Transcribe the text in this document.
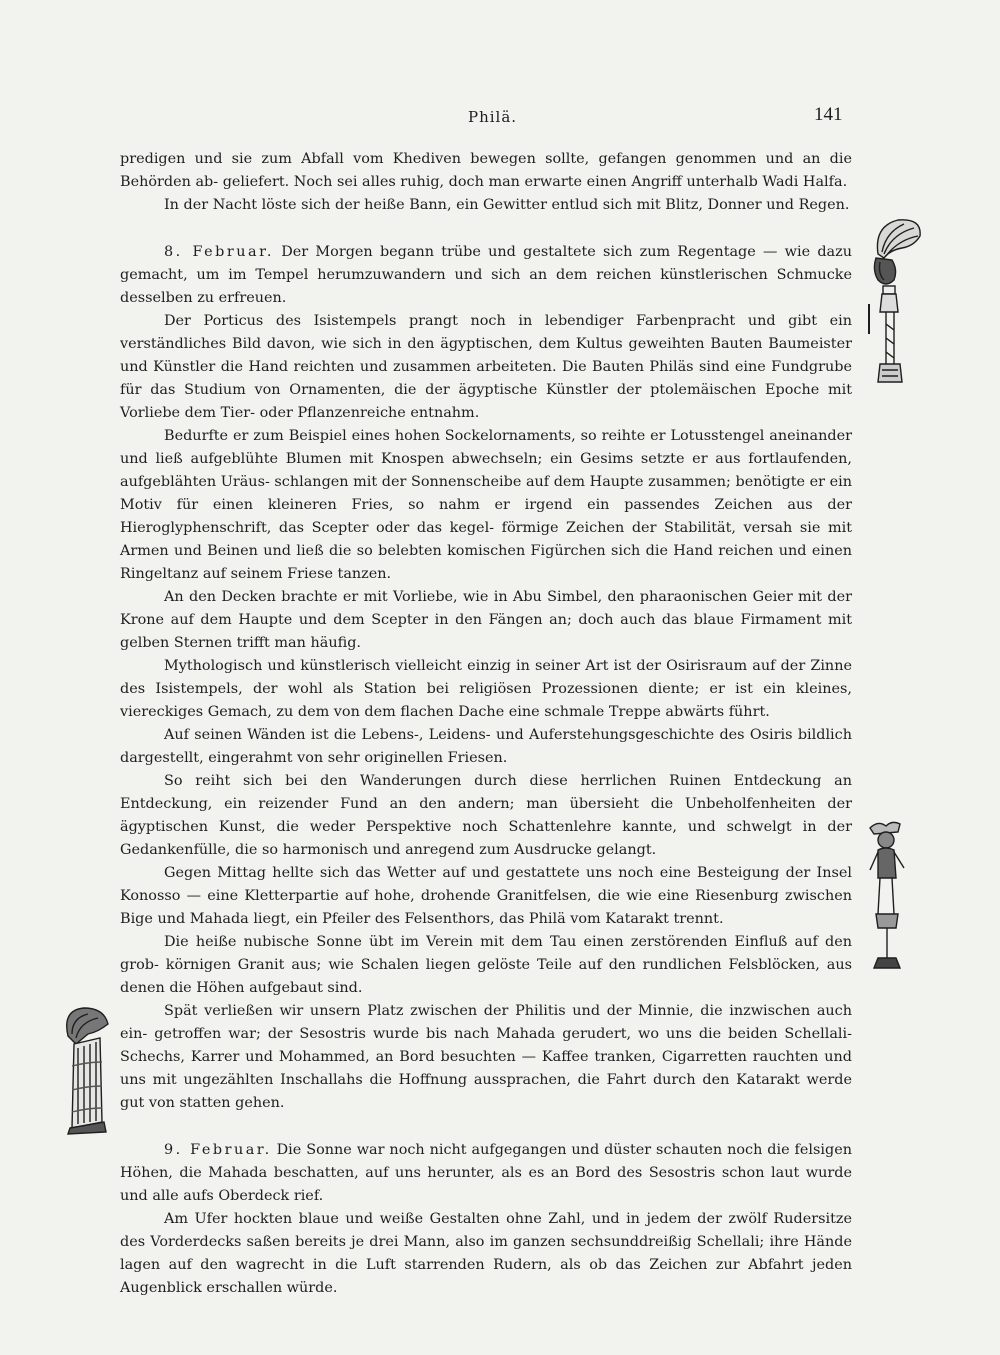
Philä.	141

predigen und sie zum Abfall vom Khediven bewegen sollte, gefangen genommen und an die Behörden ab- geliefert. Noch sei alles ruhig, doch man erwarte einen Angriff unterhalb Wadi Halfa.

In der Nacht löste sich der heiße Bann, ein Gewitter entlud sich mit Blitz, Donner und Regen.

8. Februar. Der Morgen begann trübe und gestaltete sich zum Regentage — wie dazu gemacht, um im Tempel herumzuwandern und sich an dem reichen künstlerischen Schmucke desselben zu erfreuen.

Der Porticus des Isistempels prangt noch in lebendiger Farbenpracht und gibt ein verständliches Bild davon, wie sich in den ägyptischen, dem Kultus geweihten Bauten Baumeister und Künstler die Hand reichten und zusammen arbeiteten. Die Bauten Philäs sind eine Fundgrube für das Studium von Ornamenten, die der ägyptische Künstler der ptolemäischen Epoche mit Vorliebe dem Tier- oder Pflanzenreiche entnahm.

Bedurfte er zum Beispiel eines hohen Sockelornaments, so reihte er Lotusstengel aneinander und ließ aufgeblühte Blumen mit Knospen abwechseln; ein Gesims setzte er aus fortlaufenden, aufgeblähten Uräus- schlangen mit der Sonnenscheibe auf dem Haupte zusammen; benötigte er ein Motiv für einen kleineren Fries, so nahm er irgend ein passendes Zeichen aus der Hieroglyphenschrift, das Scepter oder das kegel- förmige Zeichen der Stabilität, versah sie mit Armen und Beinen und ließ die so belebten komischen Figürchen sich die Hand reichen und einen Ringeltanz auf seinem Friese tanzen.

An den Decken brachte er mit Vorliebe, wie in Abu Simbel, den pharaonischen Geier mit der Krone auf dem Haupte und dem Scepter in den Fängen an; doch auch das blaue Firmament mit gelben Sternen trifft man häufig.

Mythologisch und künstlerisch vielleicht einzig in seiner Art ist der Osirisraum auf der Zinne des Isistempels, der wohl als Station bei religiösen Prozessionen diente; er ist ein kleines, viereckiges Gemach, zu dem von dem flachen Dache eine schmale Treppe abwärts führt.

Auf seinen Wänden ist die Lebens-, Leidens- und Auferstehungsgeschichte des Osiris bildlich dargestellt, eingerahmt von sehr originellen Friesen.

So reiht sich bei den Wanderungen durch diese herrlichen Ruinen Entdeckung an Entdeckung, ein reizender Fund an den andern; man übersieht die Unbeholfenheiten der ägyptischen Kunst, die weder Perspektive noch Schattenlehre kannte, und schwelgt in der Gedankenfülle, die so harmonisch und anregend zum Ausdrucke gelangt.

Gegen Mittag hellte sich das Wetter auf und gestattete uns noch eine Besteigung der Insel Konosso — eine Kletterpartie auf hohe, drohende Granitfelsen, die wie eine Riesenburg zwischen Bige und Mahada liegt, ein Pfeiler des Felsenthors, das Philä vom Katarakt trennt.

Die heiße nubische Sonne übt im Verein mit dem Tau einen zerstörenden Einfluß auf den grob- körnigen Granit aus; wie Schalen liegen gelöste Teile auf den rundlichen Felsblöcken, aus denen die Höhen aufgebaut sind.

Spät verließen wir unsern Platz zwischen der Philitis und der Minnie, die inzwischen auch ein- getroffen war; der Sesostris wurde bis nach Mahada gerudert, wo uns die beiden Schellali-Schechs, Karrer und Mohammed, an Bord besuchten — Kaffee tranken, Cigarretten rauchten und uns mit ungezählten Inschallahs die Hoffnung aussprachen, die Fahrt durch den Katarakt werde gut von statten gehen.

9. Februar. Die Sonne war noch nicht aufgegangen und düster schauten noch die felsigen Höhen, die Mahada beschatten, auf uns herunter, als es an Bord des Sesostris schon laut wurde und alle aufs Oberdeck rief.

Am Ufer hockten blaue und weiße Gestalten ohne Zahl, und in jedem der zwölf Rudersitze des Vorderdecks saßen bereits je drei Mann, also im ganzen sechsunddreißig Schellali; ihre Hände lagen auf den wagrecht in die Luft starrenden Rudern, als ob das Zeichen zur Abfahrt jeden Augenblick erschallen würde.
